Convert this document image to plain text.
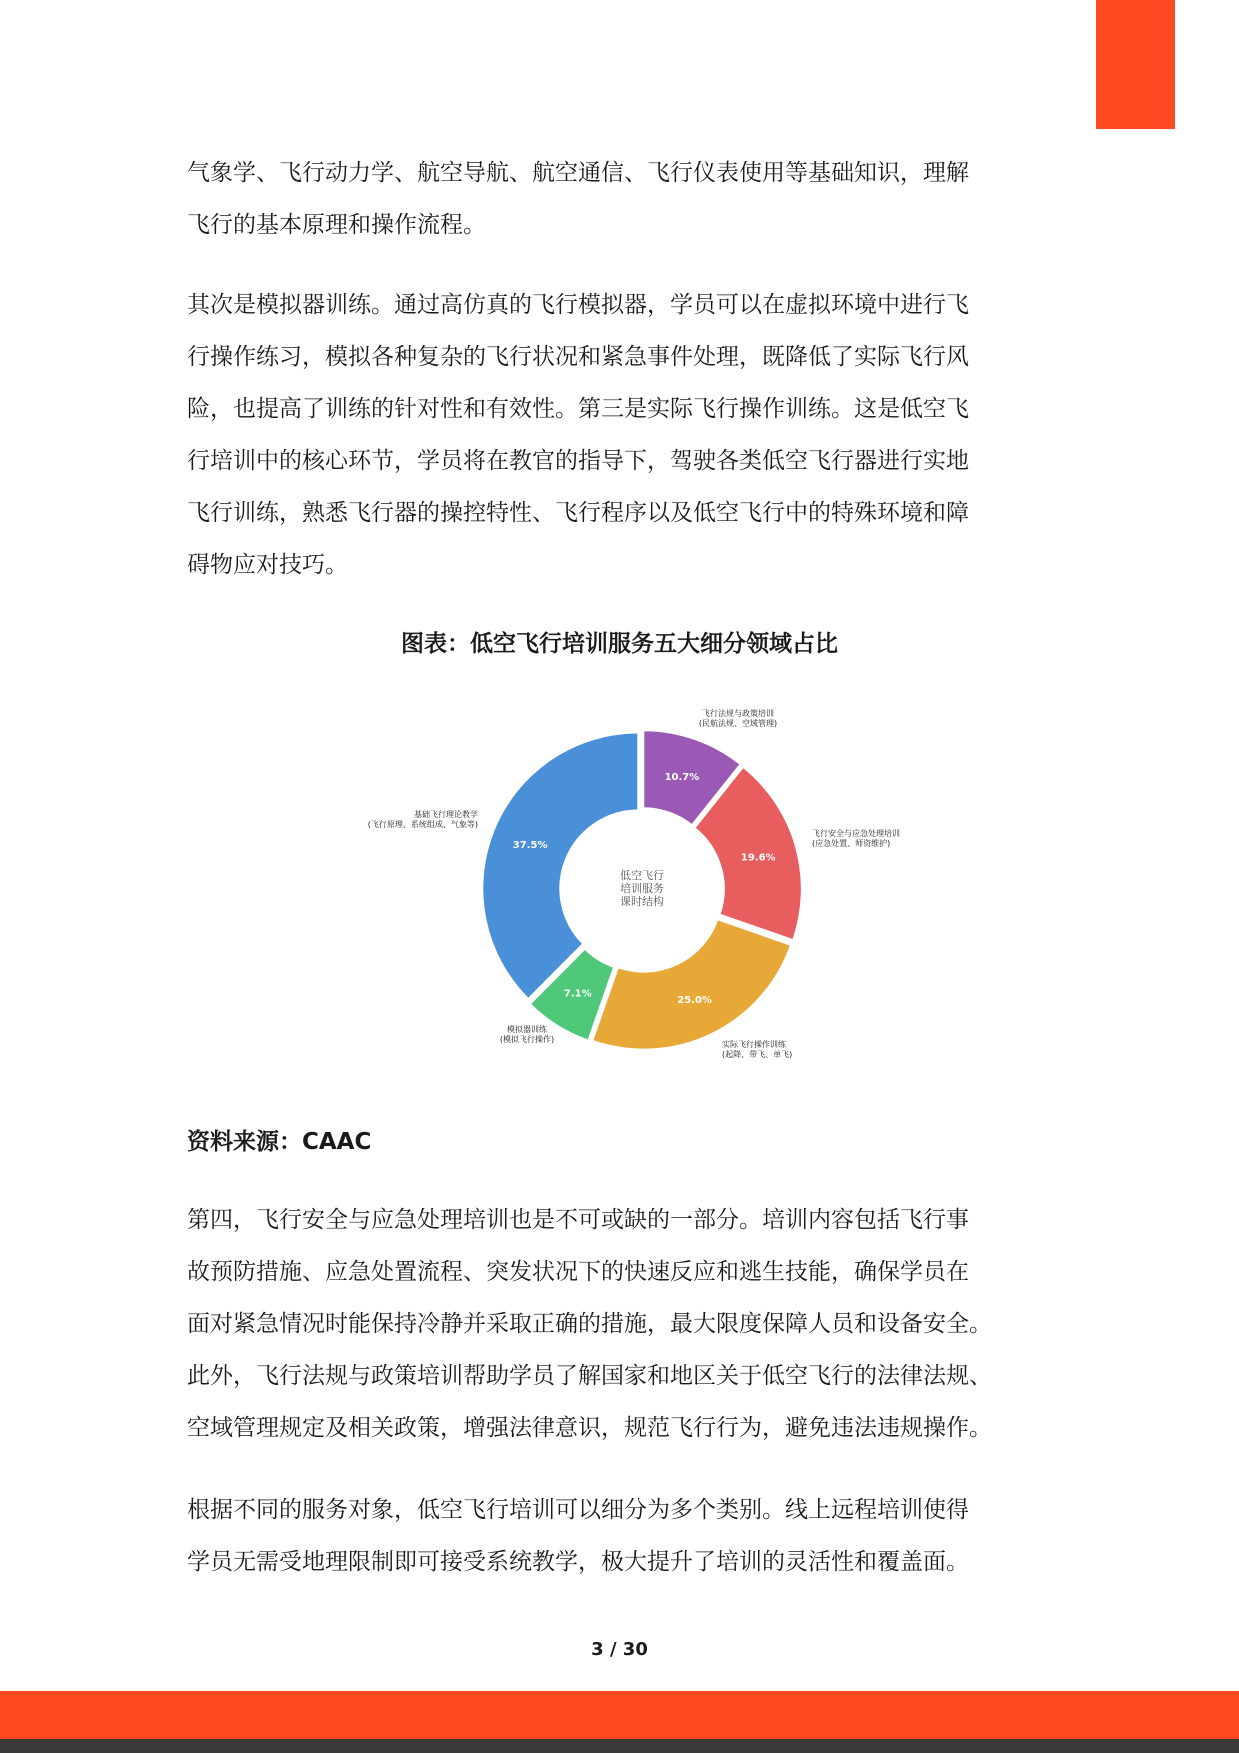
气象学、飞行动力学、航空导航、航空通信、飞行仪表使用等基础知识，理解
飞行的基本原理和操作流程。
其次是模拟器训练。通过高仿真的飞行模拟器，学员可以在虚拟环境中进行飞
行操作练习，模拟各种复杂的飞行状况和紧急事件处理，既降低了实际飞行风
险，也提高了训练的针对性和有效性。第三是实际飞行操作训练。这是低空飞
行培训中的核心环节，学员将在教官的指导下，驾驶各类低空飞行器进行实地
飞行训练，熟悉飞行器的操控特性、飞行程序以及低空飞行中的特殊环境和障
碍物应对技巧。
图表：低空飞行培训服务五大细分领域占比
10.7%
飞行法规与政策培训
(民航法规、空域管理)
19.6%
飞行安全与应急处理培训
(应急处置、师资维护)
25.0%
实际飞行操作训练
(起降、带飞、单飞)
7.1%
模拟器训练
(模拟飞行操作)
37.5%
基础飞行理论教学
(飞行原理、系统组成、气象等)
低空飞行
培训服务
课时结构

资料来源：CAAC

第四，飞行安全与应急处理培训也是不可或缺的一部分。培训内容包括飞行事
故预防措施、应急处置流程、突发状况下的快速反应和逃生技能，确保学员在
面对紧急情况时能保持冷静并采取正确的措施，最大限度保障人员和设备安全。
此外，飞行法规与政策培训帮助学员了解国家和地区关于低空飞行的法律法规、
空域管理规定及相关政策，增强法律意识，规范飞行行为，避免违法违规操作。
根据不同的服务对象，低空飞行培训可以细分为多个类别。线上远程培训使得
学员无需受地理限制即可接受系统教学，极大提升了培训的灵活性和覆盖面。
3 / 30
